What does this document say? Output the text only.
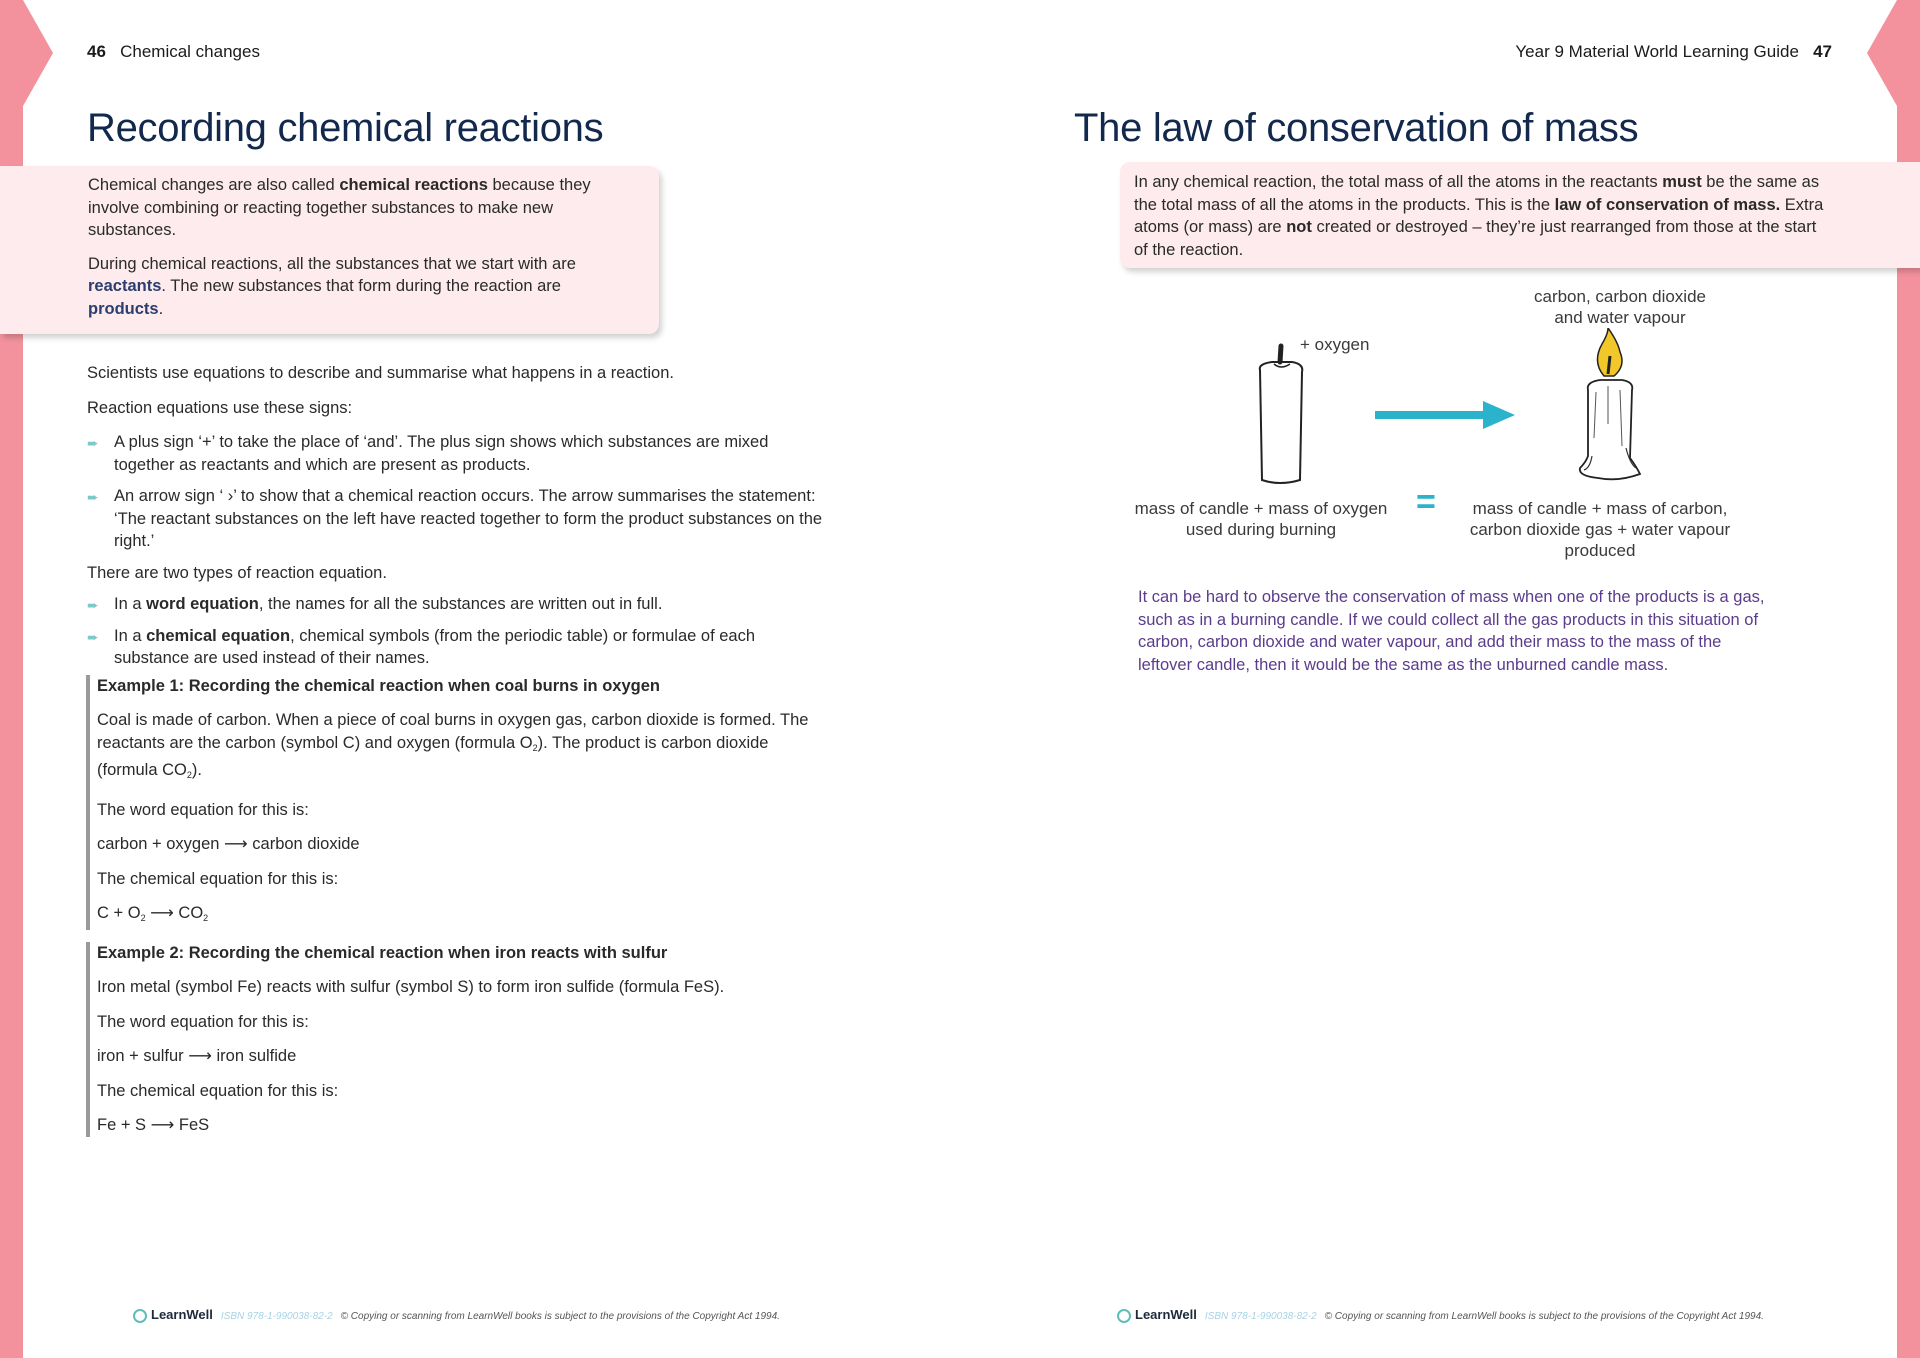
46 Chemical changes
Recording chemical reactions

Chemical changes are also called chemical reactions because they involve combining or reacting together substances to make new substances.

During chemical reactions, all the substances that we start with are reactants. The new substances that form during the reaction are products.

Scientists use equations to describe and summarise what happens in a reaction.

Reaction equations use these signs:

➨ A plus sign ‘+’ to take the place of ‘and’. The plus sign shows which substances are mixed together as reactants and which are present as products.
➨ An arrow sign ‘ ›’ to show that a chemical reaction occurs. The arrow summarises the statement: ‘The reactant substances on the left have reacted together to form the product substances on the right.’

There are two types of reaction equation.

➨ In a word equation, the names for all the substances are written out in full.
➨ In a chemical equation, chemical symbols (from the periodic table) or formulae of each substance are used instead of their names.

Example 1: Recording the chemical reaction when coal burns in oxygen

Coal is made of carbon. When a piece of coal burns in oxygen gas, carbon dioxide is formed. The reactants are the carbon (symbol C) and oxygen (formula $O_2$). The product is carbon dioxide (formula $CO_2$).

The word equation for this is:

carbon + oxygen ⟶ carbon dioxide

The chemical equation for this is:

$C + O_2$ ⟶ $CO_2$

Example 2: Recording the chemical reaction when iron reacts with sulfur

Iron metal (symbol Fe) reacts with sulfur (symbol S) to form iron sulfide (formula FeS).

The word equation for this is:

iron + sulfur ⟶ iron sulfide

The chemical equation for this is:

Fe + S ⟶ FeS

LearnWell ISBN 978-1-990038-82-2 © Copying or scanning from LearnWell books is subject to the provisions of the Copyright Act 1994.
Year 9 Material World Learning Guide 47
The law of conservation of mass
In any chemical reaction, the total mass of all the atoms in the reactants must be the same as the total mass of all the atoms in the products. This is the law of conservation of mass. Extra atoms (or mass) are not created or destroyed – they’re just rearranged from those at the start of the reaction.
carbon, carbon dioxide
and water vapour
+ oxygen
mass of candle + mass of oxygen
used during burning
=	mass of candle + mass of carbon,
carbon dioxide gas + water vapour
produced
It can be hard to observe the conservation of mass when one of the products is a gas, such as in a burning candle. If we could collect all the gas products in this situation of carbon, carbon dioxide and water vapour, and add their mass to the mass of the leftover candle, then it would be the same as the unburned candle mass.
LearnWell ISBN 978-1-990038-82-2 © Copying or scanning from LearnWell books is subject to the provisions of the Copyright Act 1994.
